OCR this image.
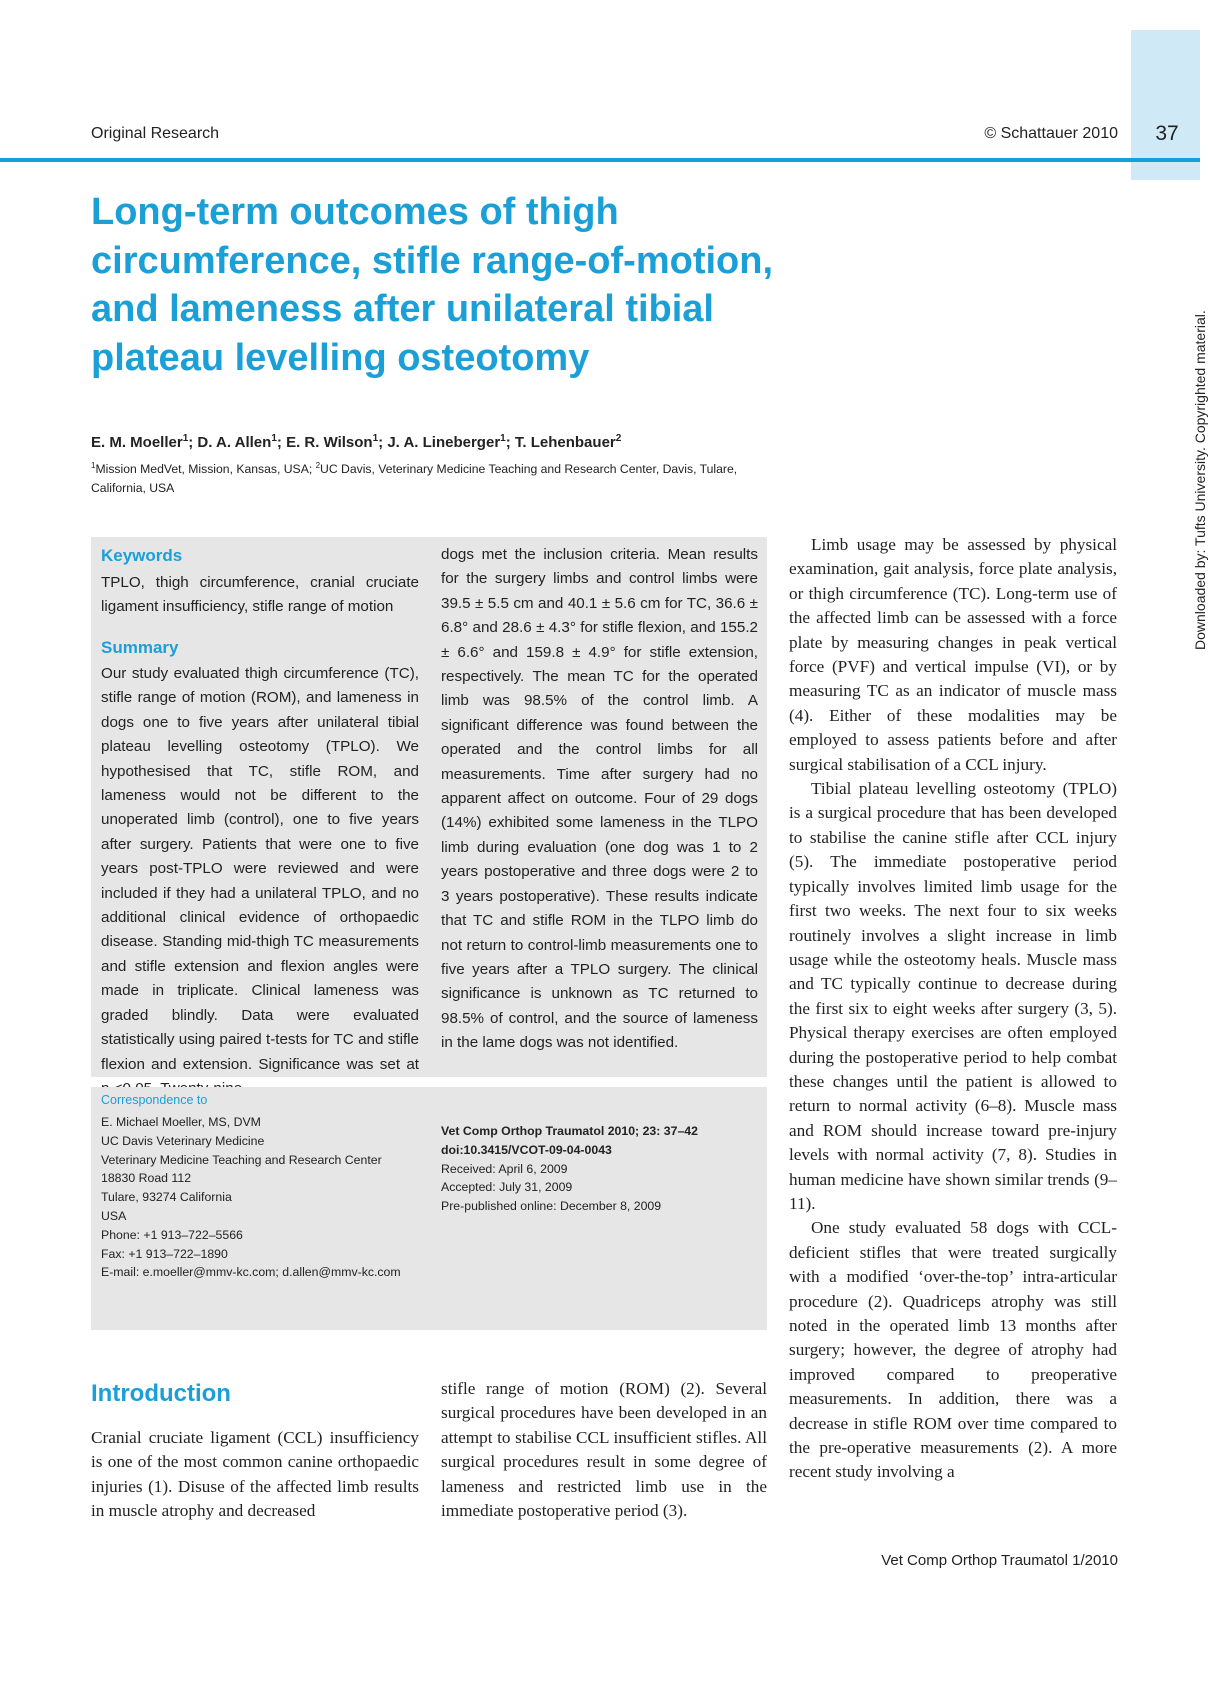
37
Original Research	© Schattauer 2010
Long-term outcomes of thigh circumference, stifle range-of-motion, and lameness after unilateral tibial plateau levelling osteotomy
E. M. Moeller$^1$; D. A. Allen$^1$; E. R. Wilson$^1$; J. A. Lineberger$^1$; T. Lehenbauer$^2$
$^1$Mission MedVet, Mission, Kansas, USA; $^2$UC Davis, Veterinary Medicine Teaching and Research Center, Davis, Tulare, California, USA
Keywords
TPLO, thigh circumference, cranial cruciate ligament insufficiency, stifle range of motion
Summary
Our study evaluated thigh circumference (TC), stifle range of motion (ROM), and lameness in dogs one to five years after unilateral tibial plateau levelling osteotomy (TPLO). We hypothesised that TC, stifle ROM, and lameness would not be different to the unoperated limb (control), one to five years after surgery. Patients that were one to five years post-TPLO were reviewed and were included if they had a unilateral TPLO, and no additional clinical evidence of orthopaedic disease. Standing mid-thigh TC measurements and stifle extension and flexion angles were made in triplicate. Clinical lameness was graded blindly. Data were evaluated statistically using paired t-tests for TC and stifle flexion and extension. Significance was set at
dogs met the inclusion criteria. Mean results for the surgery limbs and control limbs were 39.5 ± 5.5 cm and 40.1 ± 5.6 cm for TC, 36.6 ± 6.8° and 28.6 ± 4.3° for stifle flexion, and 155.2 ± 6.6° and 159.8 ± 4.9° for stifle extension, respectively. The mean TC for the operated limb was 98.5% of the control limb. A significant difference was found between the operated and the control limbs for all measurements. Time after surgery had no apparent affect on outcome. Four of 29 dogs (14%) exhibited some lameness in the TLPO limb during evaluation (one dog was 1 to 2 years postoperative and three dogs were 2 to 3 years postoperative). These results indicate that TC and stifle ROM in the TLPO limb do not return to control-limb measurements one to five years after a TPLO surgery. The clinical significance is unknown as TC returned to 98.5% of control, and the source of lameness in the lame dogs was not identified.
Correspondence to
E. Michael Moeller, MS, DVM
UC Davis Veterinary Medicine
Veterinary Medicine Teaching and Research Center
18830 Road 112
Tulare, 93274 California
USA
Phone: +1 913–722–5566
Fax: +1 913–722–1890
E-mail: e.moeller@mmv-kc.com; d.allen@mmv-kc.com
Vet Comp Orthop Traumatol 2010; 23: 37–42
doi:10.3415/VCOT-09-04-0043
Received: April 6, 2009
Accepted: July 31, 2009
Pre-published online: December 8, 2009
Introduction
Cranial cruciate ligament (CCL) insufficiency is one of the most common canine orthopaedic injuries (1). Disuse of the affected limb results in muscle atrophy and decreased
stifle range of motion (ROM) (2). Several surgical procedures have been developed in an attempt to stabilise CCL insufficient stifles. All surgical procedures result in some degree of lameness and restricted limb use in the immediate postoperative period (3).

Limb usage may be assessed by physical examination, gait analysis, force plate analysis, or thigh circumference (TC). Long-term use of the affected limb can be assessed with a force plate by measuring changes in peak vertical force (PVF) and vertical impulse (VI), or by measuring TC as an indicator of muscle mass (4). Either of these modalities may be employed to assess patients before and after surgical stabilisation of a CCL injury.

Tibial plateau levelling osteotomy (TPLO) is a surgical procedure that has been developed to stabilise the canine stifle after CCL injury (5). The immediate postoperative period typically involves limited limb usage for the first two weeks. The next four to six weeks routinely involves a slight increase in limb usage while the osteotomy heals. Muscle mass and TC typically continue to decrease during the first six to eight weeks after surgery (3, 5). Physical therapy exercises are often employed during the postoperative period to help combat these changes until the patient is allowed to return to normal activity (6–8). Muscle mass and ROM should increase toward pre-injury levels with normal activity (7, 8). Studies in human medicine have shown similar trends (9–11).

One study evaluated 58 dogs with CCL-deficient stifles that were treated surgically with a modified ‘over-the-top’ intra-articular procedure (2). Quadriceps atrophy was still noted in the operated limb 13 months after surgery; however, the degree of atrophy had improved compared to preoperative measurements. In addition, there was a decrease in stifle ROM over time compared to the pre-operative measurements (2). A more recent study involving a

Vet Comp Orthop Traumatol 1/2010
Downloaded by: Tufts University. Copyrighted material.
